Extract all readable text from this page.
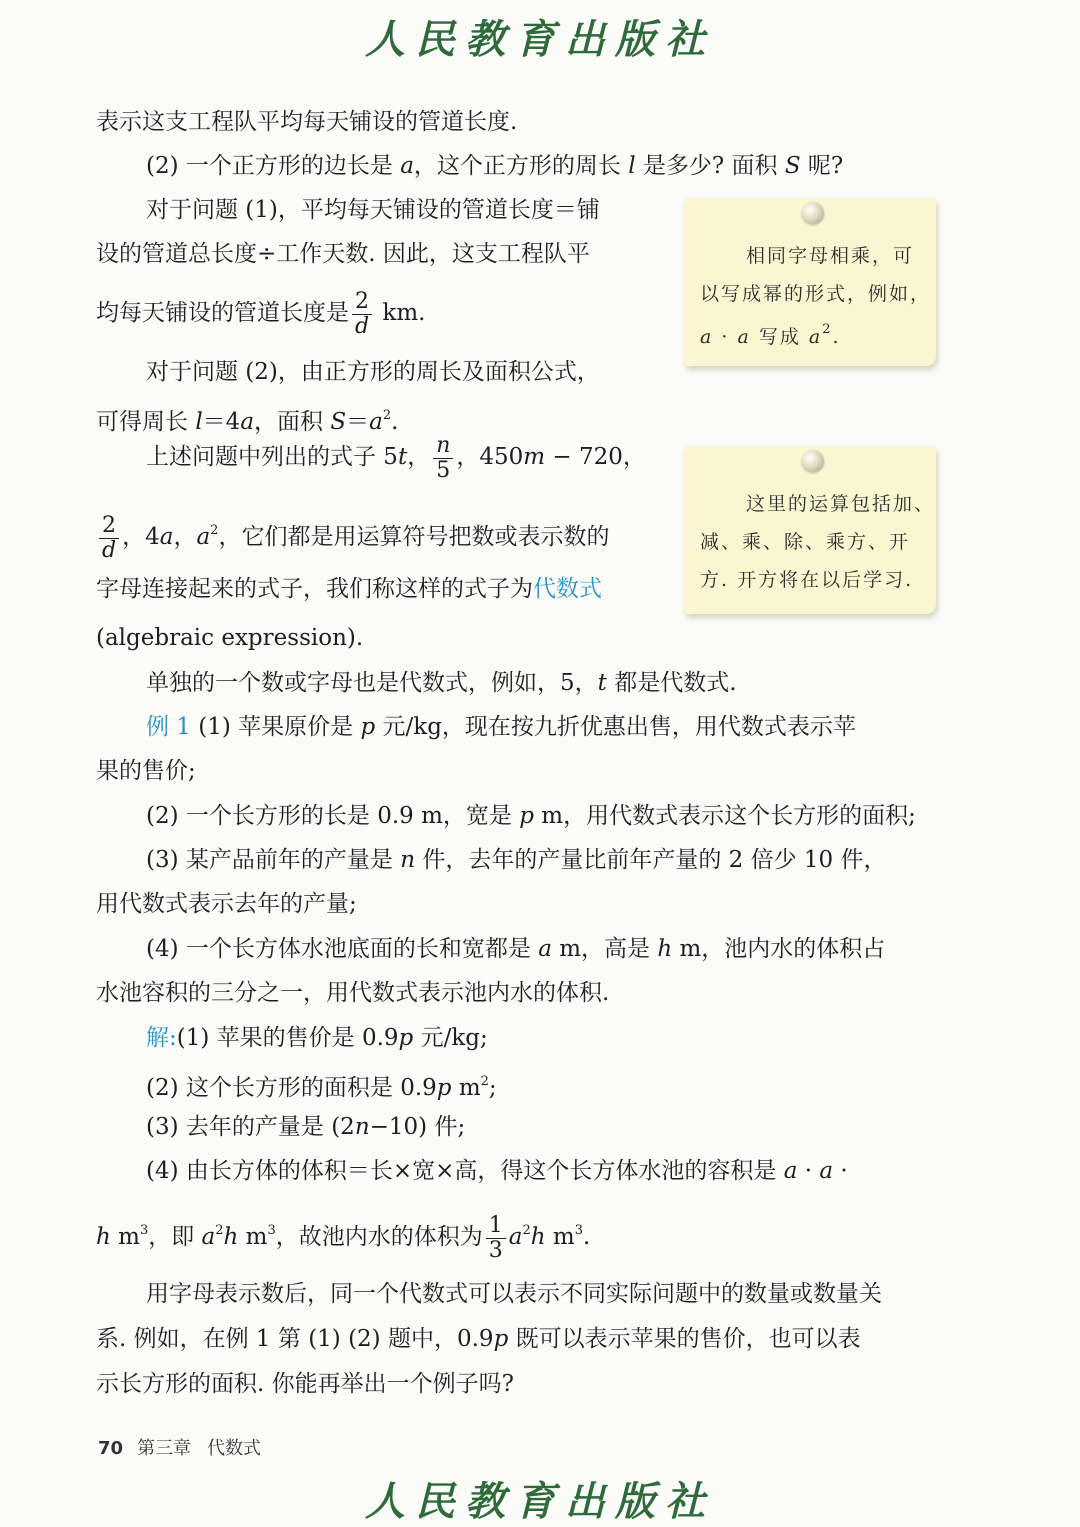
人民教育出版社
表示这支工程队平均每天铺设的管道长度.
(2) 一个正方形的边长是 a，这个正方形的周长 l 是多少? 面积 S 呢?
对于问题 (1)，平均每天铺设的管道长度＝铺
设的管道总长度÷工作天数. 因此，这支工程队平
均每天铺设的管道长度是 $\frac{2}{d}$ km.
对于问题 (2)，由正方形的周长及面积公式，
可得周长 l＝4a，面积 $S=a^2$.
上述问题中列出的式子 5t， $\frac{n}{5}$ ，450m − 720，
$\frac{2}{d}$ ，4a，$a^2$，它们都是用运算符号把数或表示数的
字母连接起来的式子，我们称这样的式子为代数式
(algebraic expression).
单独的一个数或字母也是代数式，例如，5，t 都是代数式.
例 1 (1) 苹果原价是 p 元/kg，现在按九折优惠出售，用代数式表示苹
果的售价;
(2) 一个长方形的长是 0.9 m，宽是 p m，用代数式表示这个长方形的面积;
(3) 某产品前年的产量是 n 件，去年的产量比前年产量的 2 倍少 10 件，
用代数式表示去年的产量;
(4) 一个长方体水池底面的长和宽都是 a m，高是 h m，池内水的体积占
水池容积的三分之一，用代数式表示池内水的体积.
解:(1) 苹果的售价是 0.9p 元/kg;
(2) 这个长方形的面积是 0.9p $m^2$;
(3) 去年的产量是 (2n−10) 件;
(4) 由长方体的体积＝长×宽×高，得这个长方体水池的容积是 a · a ·
h $m^3$，即 $a^2h$ $m^3$，故池内水的体积为 $\frac{1}{3} a^2h$ $m^3$.
用字母表示数后，同一个代数式可以表示不同实际问题中的数量或数量关
系. 例如，在例 1 第 (1) (2) 题中，0.9p 既可以表示苹果的售价，也可以表
示长方形的面积. 你能再举出一个例子吗?
相同字母相乘，可
以写成幂的形式，例如，
a · a 写成 $a^2$.
这里的运算包括加、
减、乘、除、乘方、开
方. 开方将在以后学习.
70 第三章 代数式
人民教育出版社
